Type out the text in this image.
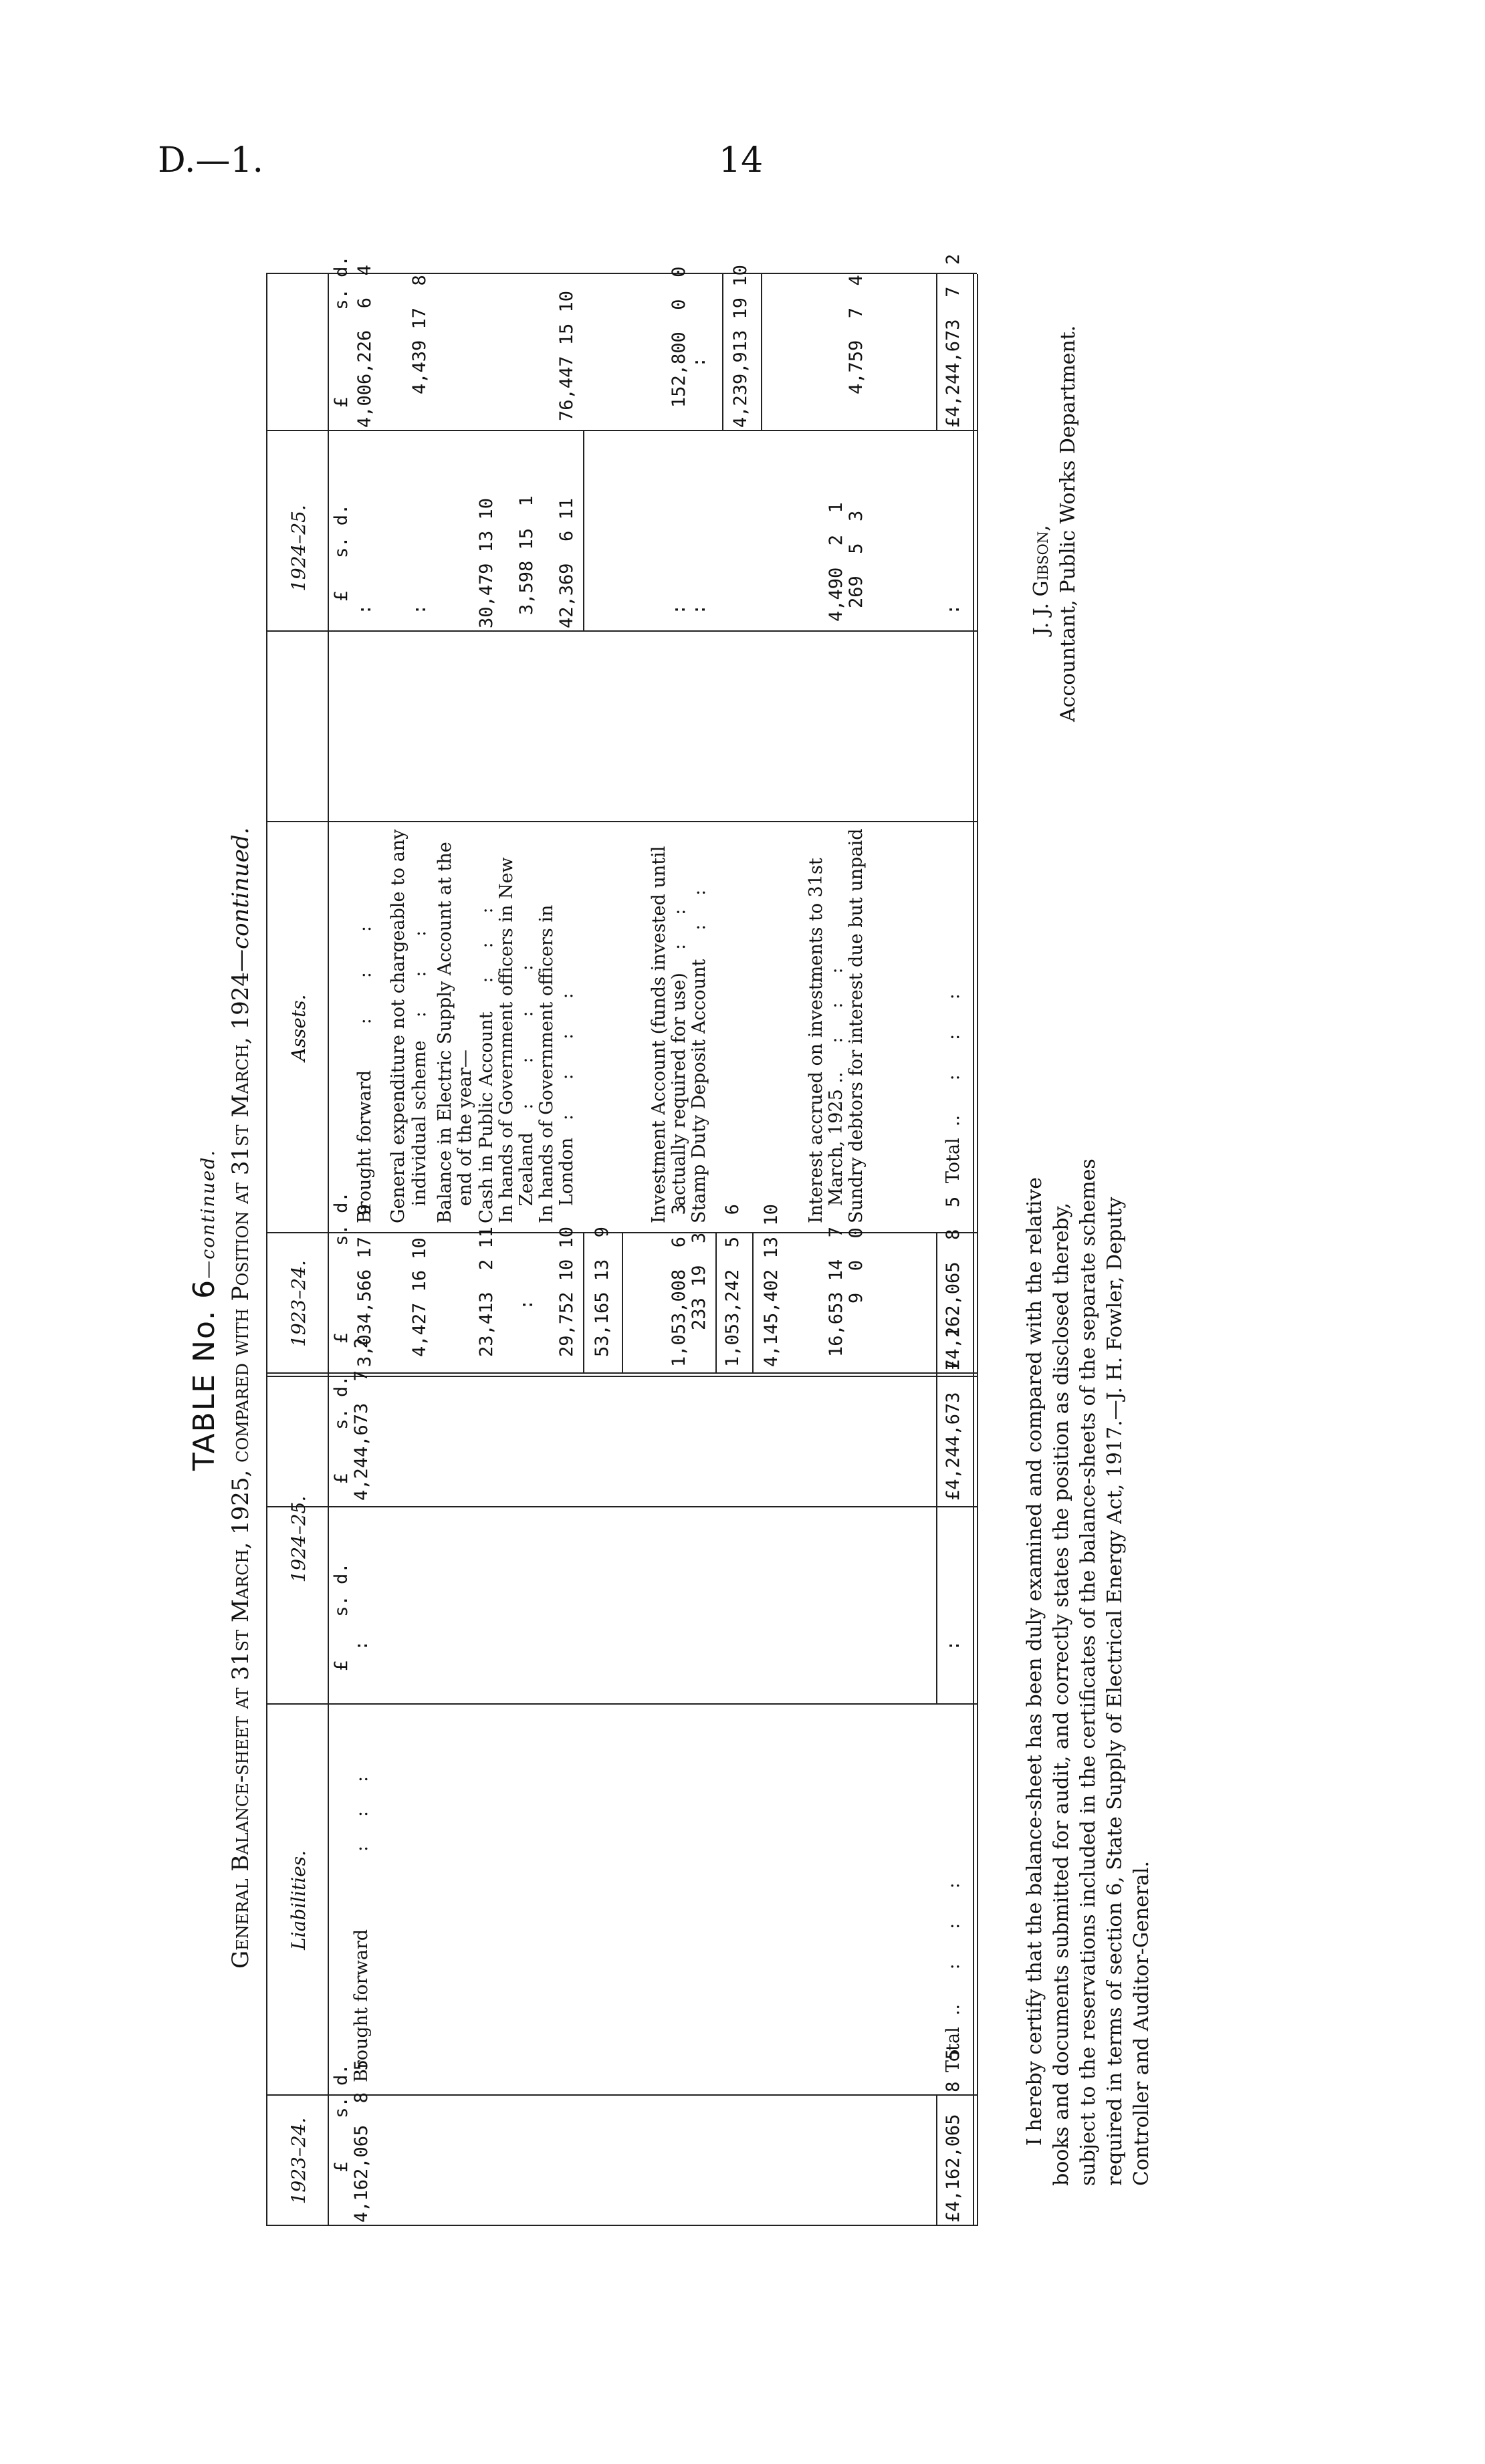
D.—1.	14
TABLE No. 6—continued. General Balance-sheet at 31st March, 1925, compared with Position at 31st March, 1924—continued.
1923–24.
Liabilities.
1924–25.
£    s. d.
£    s. d.
£    s. d.
4,162,065  8  5
Brought forward
:     :     :
:
4,244,673  7  2
£4,162,065  8  5
Total  ..      :      :      :
:
£4,244,673  7  2
1923–24.
Assets.
1924–25.
£        s. d.
£   s. d.
£        s. d.
3,034,566 17  9
Brought forward        :       :       :
:
4,006,226  6  4
General expenditure not chargeable to any individual scheme    :      :      :
4,427 16 10
:
4,439 17  8
Balance in Electric Supply Account at the end of the year— Cash in Public Account     :     :     :
23,413  2 11
30,479 13 10
In hands of Government officers in New Zealand    :       :       :       :
:
3,598 15  1
In hands of Government officers in London   :      :      :      :
29,752 10 10
42,369  6 11
76,447 15 10
53,165 13  9
Investment Account (funds invested until actually required for use)    :     :
1,053,008  6  3
:
152,800  0  0
Stamp Duty Deposit Account     :     :
233 19  3
:
:
1,053,242  5  6 4,145,402 13 10
4,239,913 19 10
Interest accrued on investments to 31st March, 1925 ..     :     :     :
16,653 14  7
4,490  2  1
Sundry debtors for interest due but unpaid
9  0  0
269  5  3
4,759  7  4
£4,162,065  8  5
Total  ..      :      :      :
:
£4,244,673  7  2
I hereby certify that the balance-sheet has been duly examined and compared with the relative books and documents submitted for audit, and correctly states the position as disclosed thereby, subject to the reservations included in the certificates of the balance-sheets of the separate schemes required in terms of section 6, State Supply of Electrical Energy Act, 1917.—J. H. Fowler, Deputy Controller and Auditor-General.
J. J. Gibson, Accountant, Public Works Department.
